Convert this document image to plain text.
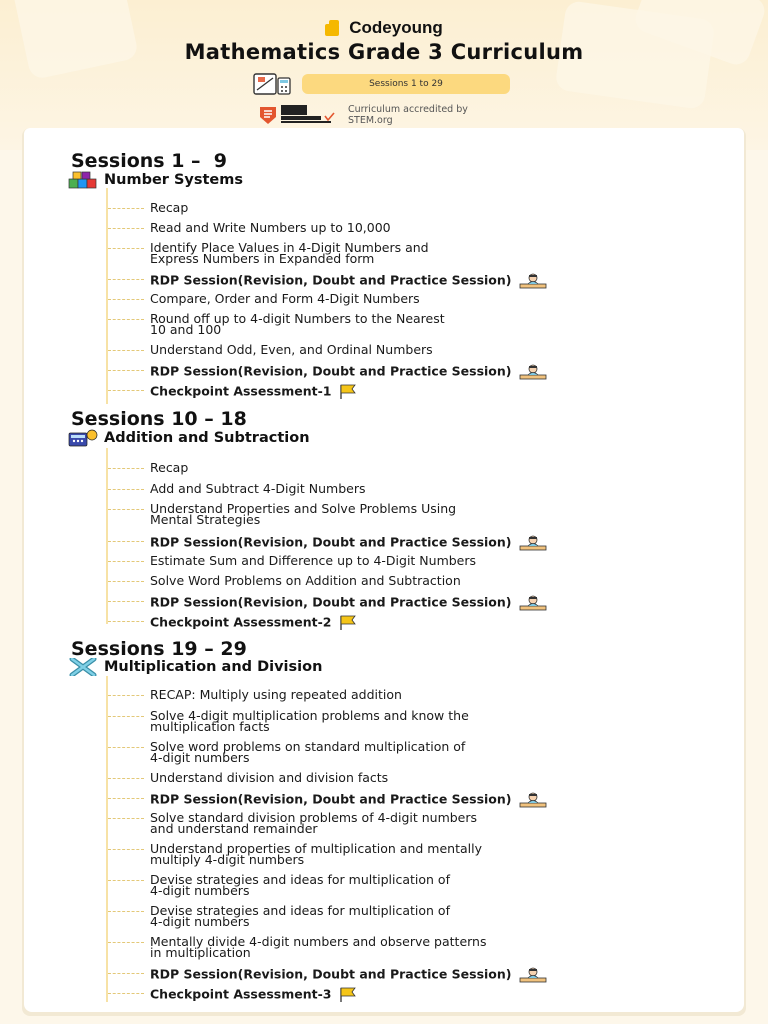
Codeyoung
Mathematics Grade 3 Curriculum
Sessions 1 to 29
Curriculum accredited by
STEM.org
Sessions 1 –  9
Number Systems
Recap
Read and Write Numbers up to 10,000
Identify Place Values in 4-Digit Numbers and
Express Numbers in Expanded form
RDP Session(Revision, Doubt and Practice Session)
Compare, Order and Form 4-Digit Numbers
Round off up to 4-digit Numbers to the Nearest
10 and 100
Understand Odd, Even, and Ordinal Numbers
RDP Session(Revision, Doubt and Practice Session)
Checkpoint Assessment-1
Sessions 10 – 18
Addition and Subtraction
Recap
Add and Subtract 4-Digit Numbers
Understand Properties and Solve Problems Using
Mental Strategies
RDP Session(Revision, Doubt and Practice Session)
Estimate Sum and Difference up to 4-Digit Numbers
Solve Word Problems on Addition and Subtraction
RDP Session(Revision, Doubt and Practice Session)
Checkpoint Assessment-2
Sessions 19 – 29
Multiplication and Division
RECAP: Multiply using repeated addition
Solve 4-digit multiplication problems and know the
multiplication facts
Solve word problems on standard multiplication of
4-digit numbers
Understand division and division facts
RDP Session(Revision, Doubt and Practice Session)
Solve standard division problems of 4-digit numbers
and understand remainder
Understand properties of multiplication and mentally
multiply 4-digit numbers
Devise strategies and ideas for multiplication of
4-digit numbers
Devise strategies and ideas for multiplication of
4-digit numbers
Mentally divide 4-digit numbers and observe patterns
in multiplication
RDP Session(Revision, Doubt and Practice Session)
Checkpoint Assessment-3
